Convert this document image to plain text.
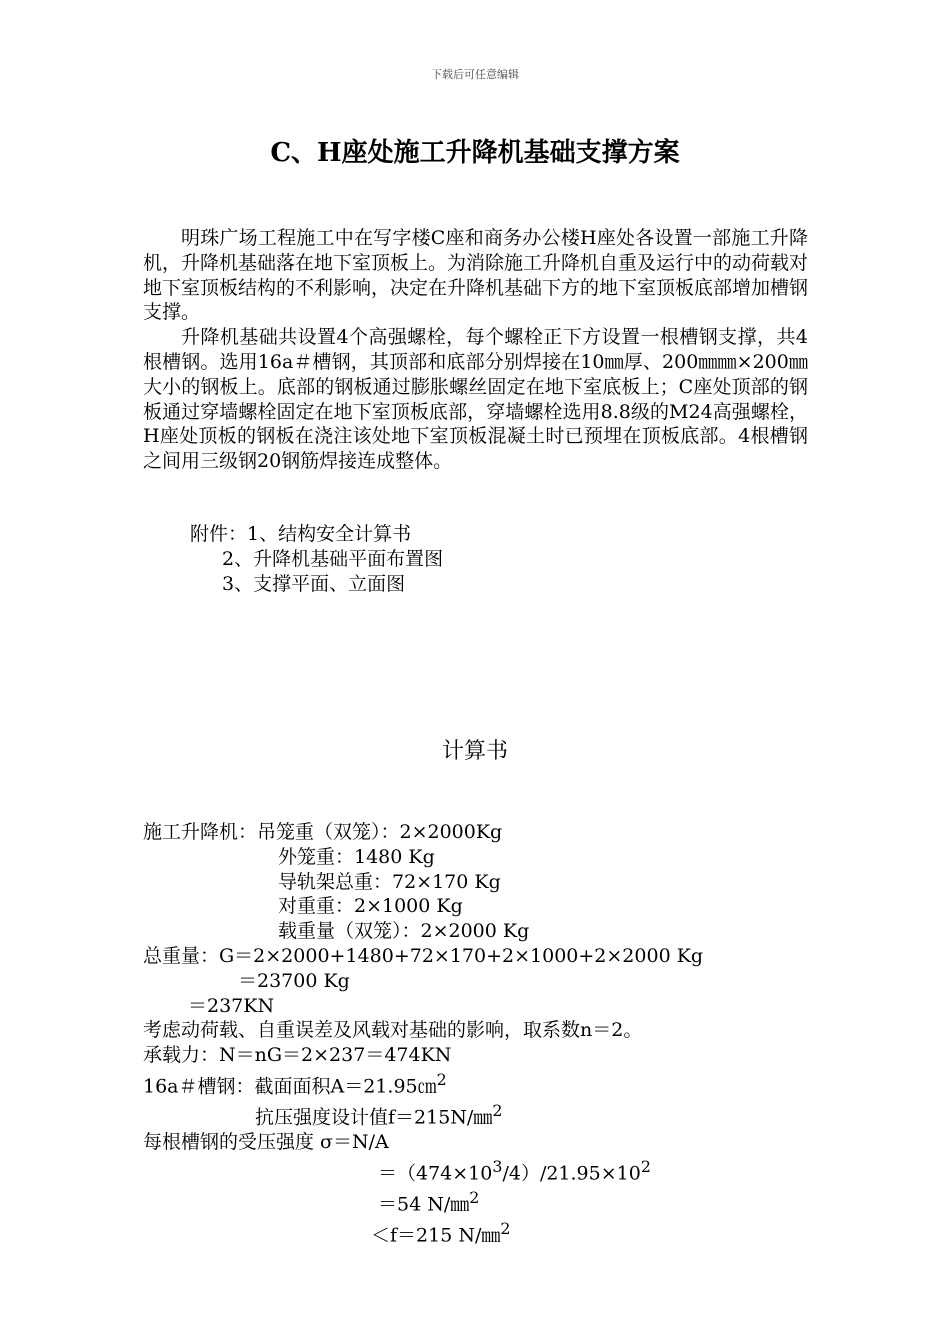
下载后可任意编辑
C、H座处施工升降机基础支撑方案

明珠广场工程施工中在写字楼C座和商务办公楼H座处各设置一部施工升降机，升降机基础落在地下室顶板上。为消除施工升降机自重及运行中的动荷载对地下室顶板结构的不利影响，决定在升降机基础下方的地下室顶板底部增加槽钢支撑。

升降机基础共设置4个高强螺栓，每个螺栓正下方设置一根槽钢支撑，共4根槽钢。选用16a＃槽钢，其顶部和底部分别焊接在10㎜厚、200㎜㎜×200㎜大小的钢板上。底部的钢板通过膨胀螺丝固定在地下室底板上；C座处顶部的钢板通过穿墙螺栓固定在地下室顶板底部，穿墙螺栓选用8.8级的M24高强螺栓，H座处顶板的钢板在浇注该处地下室顶板混凝土时已预埋在顶板底部。4根槽钢之间用三级钢20钢筋焊接连成整体。

附件：1、结构安全计算书
2、升降机基础平面布置图
3、支撑平面、立面图
计算书
施工升降机：吊笼重（双笼）：2×2000Kg
外笼重：1480 Kg
导轨架总重：72×170 Kg
对重重：2×1000 Kg
载重量（双笼）：2×2000 Kg
总重量：G＝2×2000+1480+72×170+2×1000+2×2000 Kg
＝23700 Kg
＝237KN
考虑动荷载、自重误差及风载对基础的影响，取系数n＝2。
承载力：N＝nG＝2×237＝474KN
16a＃槽钢：截面面积A＝21.95㎝$^2$
抗压强度设计值f＝215N/㎜$^2$
每根槽钢的受压强度 σ＝N/A
$=(474\times 10^3/4)/21.95\times 10^2$
＝54 N/㎜$^2$
＜f＝215 N/㎜$^2$
